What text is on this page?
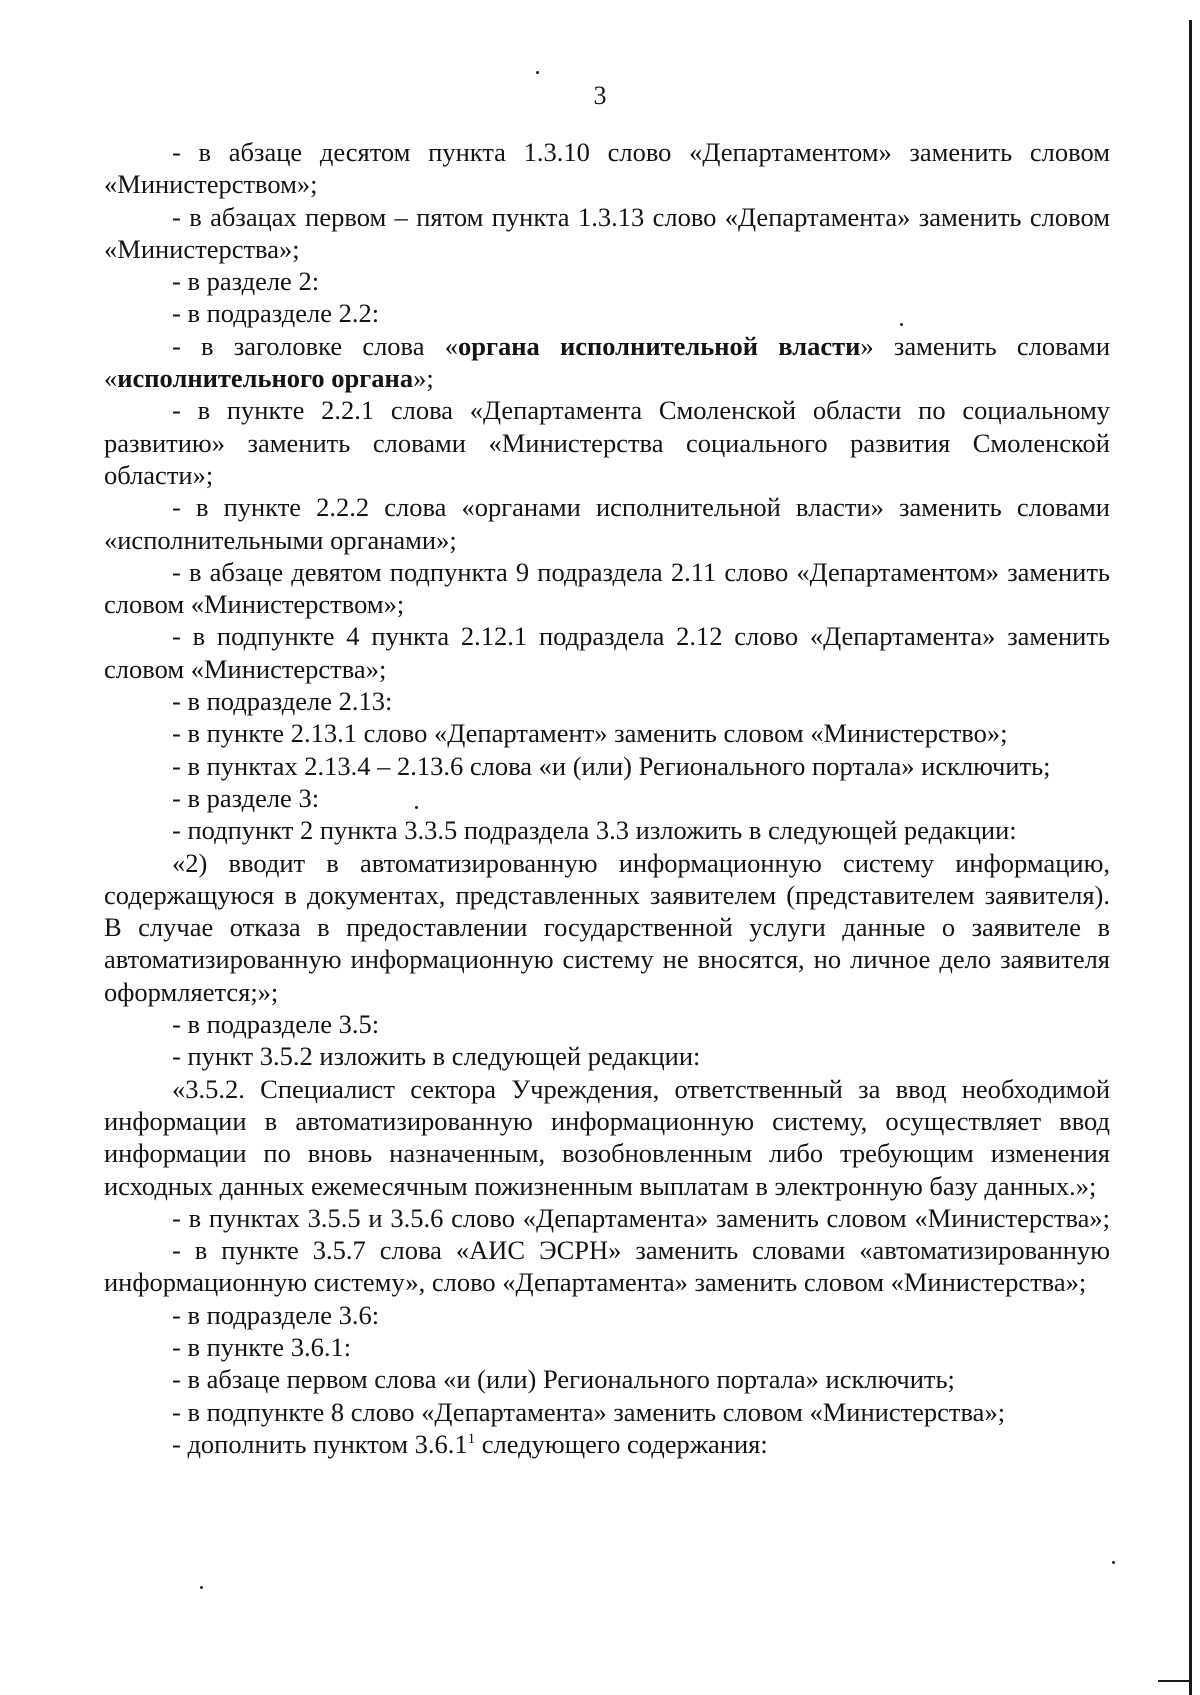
3

- в абзаце десятом пункта 1.3.10 слово «Департаментом» заменить словом «Министерством»;

- в абзацах первом – пятом пункта 1.3.13 слово «Департамента» заменить словом «Министерства»;

- в разделе 2:

- в подразделе 2.2:

- в заголовке слова «органа исполнительной власти» заменить словами «исполнительного органа»;

- в пункте 2.2.1 слова «Департамента Смоленской области по социальному развитию» заменить словами «Министерства социального развития Смоленской области»;

- в пункте 2.2.2 слова «органами исполнительной власти» заменить словами «исполнительными органами»;

- в абзаце девятом подпункта 9 подраздела 2.11 слово «Департаментом» заменить словом «Министерством»;

- в подпункте 4 пункта 2.12.1 подраздела 2.12 слово «Департамента» заменить словом «Министерства»;

- в подразделе 2.13:

- в пункте 2.13.1 слово «Департамент» заменить словом «Министерство»;

- в пунктах 2.13.4 – 2.13.6 слова «и (или) Регионального портала» исключить;

- в разделе 3:

- подпункт 2 пункта 3.3.5 подраздела 3.3 изложить в следующей редакции:

«2) вводит в автоматизированную информационную систему информацию, содержащуюся в документах, представленных заявителем (представителем заявителя). В случае отказа в предоставлении государственной услуги данные о заявителе в автоматизированную информационную систему не вносятся, но личное дело заявителя оформляется;»;

- в подразделе 3.5:

- пункт 3.5.2 изложить в следующей редакции:

«3.5.2. Специалист сектора Учреждения, ответственный за ввод необходимой информации в автоматизированную информационную систему, осуществляет ввод информации по вновь назначенным, возобновленным либо требующим изменения исходных данных ежемесячным пожизненным выплатам в электронную базу данных.»;

- в пунктах 3.5.5 и 3.5.6 слово «Департамента» заменить словом «Министерства»;

- в пункте 3.5.7 слова «АИС ЭСРН» заменить словами «автоматизированную информационную систему», слово «Департамента» заменить словом «Министерства»;

- в подразделе 3.6:

- в пункте 3.6.1:

- в абзаце первом слова «и (или) Регионального портала» исключить;

- в подпункте 8 слово «Департамента» заменить словом «Министерства»;

- дополнить пунктом 3.6.1$^1$ следующего содержания:
